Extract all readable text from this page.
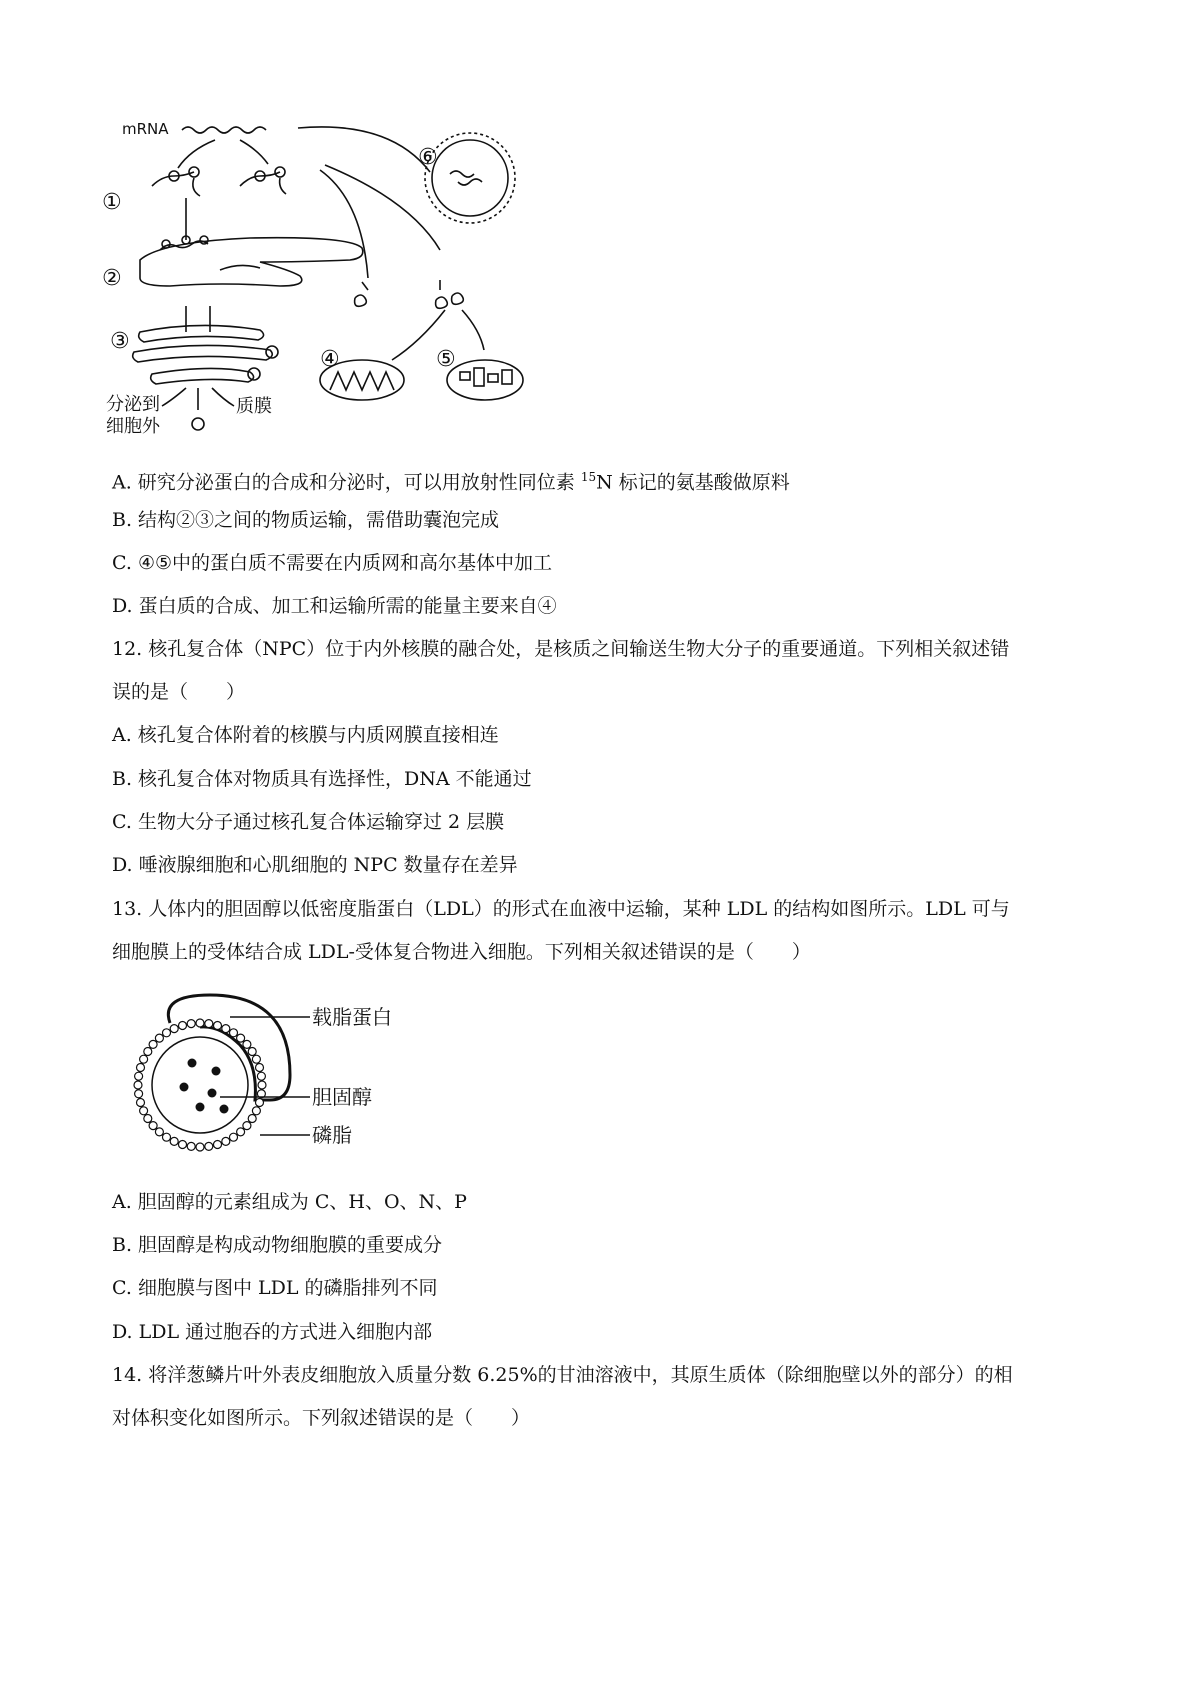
mRNA
①
②
③
④	⑤
⑥
分泌到
细胞外
质膜
A. 研究分泌蛋白的合成和分泌时，可以用放射性同位素 $^{15}$N 标记的氨基酸做原料
B. 结构②③之间的物质运输，需借助囊泡完成
C. ④⑤中的蛋白质不需要在内质网和高尔基体中加工
D. 蛋白质的合成、加工和运输所需的能量主要来自④
12. 核孔复合体（NPC）位于内外核膜的融合处，是核质之间输送生物大分子的重要通道。下列相关叙述错
误的是（　　）
A. 核孔复合体附着的核膜与内质网膜直接相连
B. 核孔复合体对物质具有选择性，DNA 不能通过
C. 生物大分子通过核孔复合体运输穿过 2 层膜
D. 唾液腺细胞和心肌细胞的 NPC 数量存在差异
13. 人体内的胆固醇以低密度脂蛋白（LDL）的形式在血液中运输，某种 LDL 的结构如图所示。LDL 可与
细胞膜上的受体结合成 LDL-受体复合物进入细胞。下列相关叙述错误的是（　　）
载脂蛋白
胆固醇
磷脂
A. 胆固醇的元素组成为 C、H、O、N、P
B. 胆固醇是构成动物细胞膜的重要成分
C. 细胞膜与图中 LDL 的磷脂排列不同
D. LDL 通过胞吞的方式进入细胞内部
14. 将洋葱鳞片叶外表皮细胞放入质量分数 6.25%的甘油溶液中，其原生质体（除细胞壁以外的部分）的相
对体积变化如图所示。下列叙述错误的是（　　）
